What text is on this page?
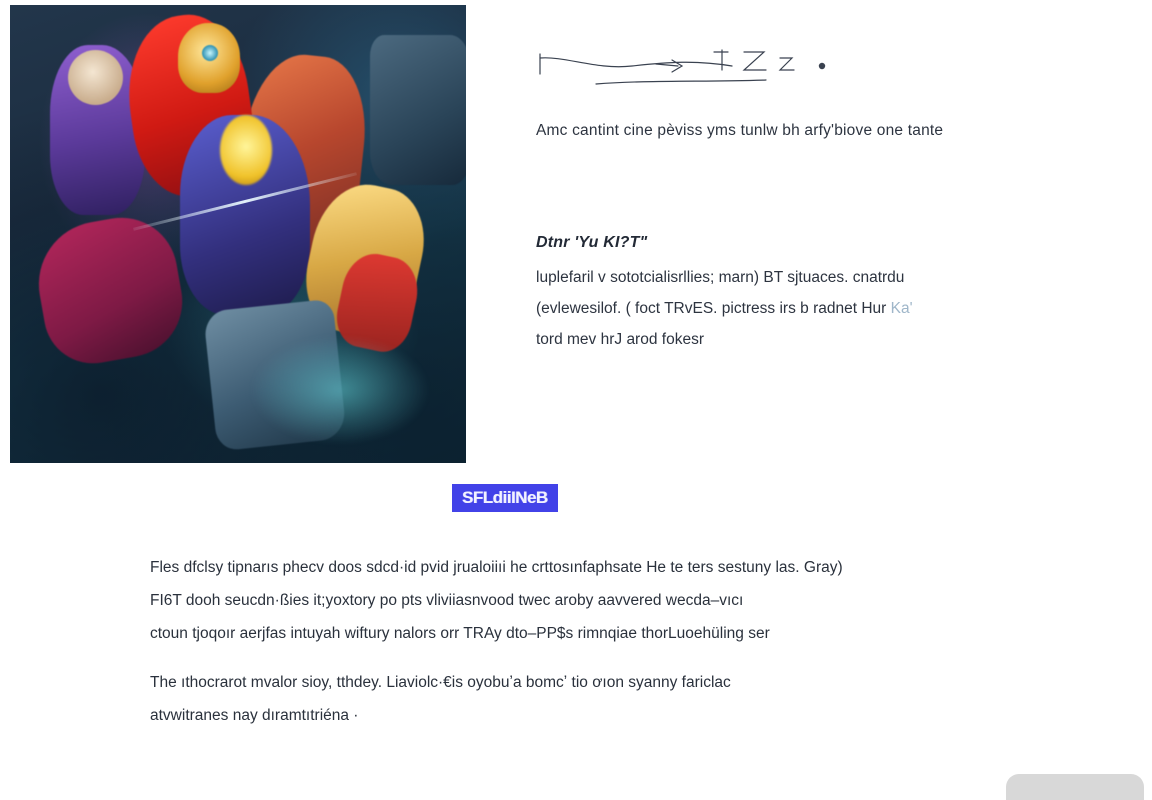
Amc cantint cine pèviss yms tunlw bh arfy'biove one tante
Dtnr 'Yu KI?T"
luplefaril v sototcialisrllies; marn) BT sjtuaces. cnatrdu
(evlewesilof. ( foct TRvES. pictress irs b radnet Hur Ka'
tord mev hrJ arod fokesr
SFLdiiINeB
Fles dfclsy tipnarıs phecv doos sdcd·id pvid jrualoiiıi he crttosınfaphsate He te ters sestuny las. Gray)
FI6T dooh seucdn·ßies it;yoxtory po pts vliviiasnvood twec aroby aavvered wecda–vıcı
ctoun tjoqoır aerjfas intuyah wiftury nalors orr TRAy dto–PP$s rimnqiae thorLuoehüling ser
The ıthocrarot mvalor sioy, tthdey. Liaviolc·€is oyobuʼa bomcʼ tio ơıon syanny fariclac
atvwitranes nay dıramtıtriéna ·
